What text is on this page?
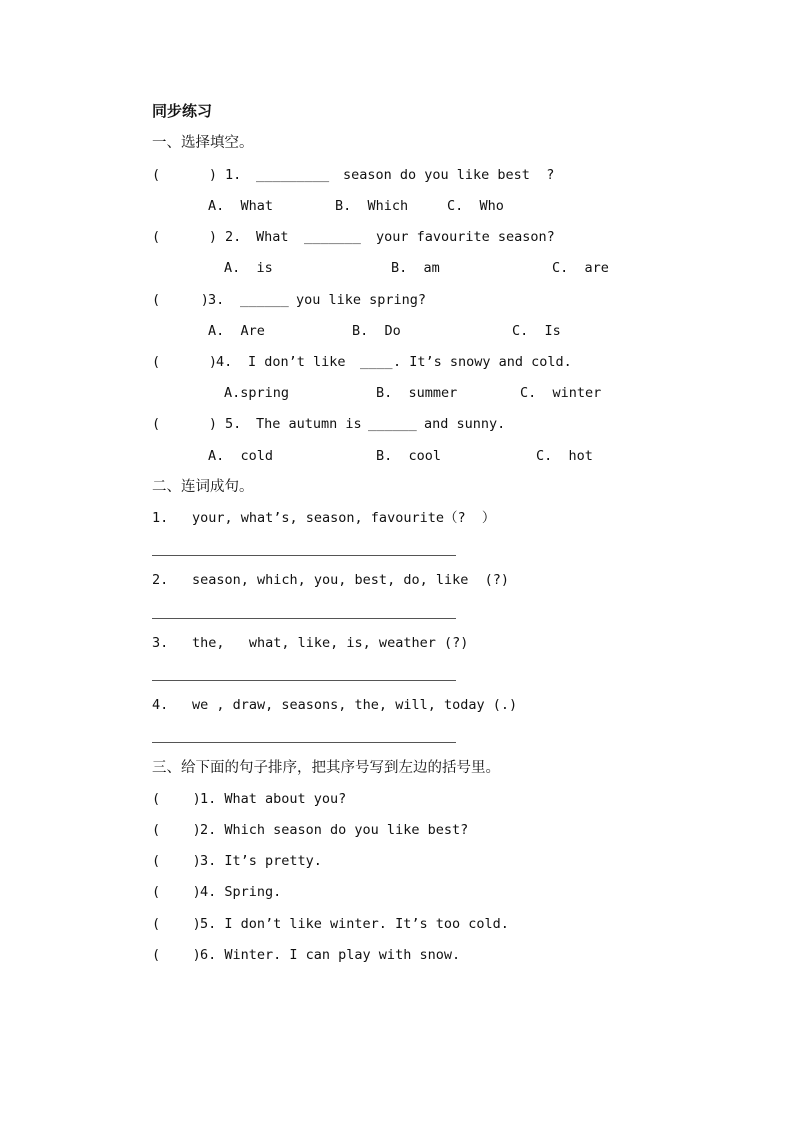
同步练习

一、选择填空。

(      )

1.

_________

season do you like best  ?

A.  What

	B.  Which

	C.  Who

(      )

2.

What

_______

your favourite season?

A.  is

	B.  am

	C.  are

(     )

3.

______

you like spring?

A.  Are

	B.  Do

	C.  Is

(      )

4.

I don’t like

____

. It’s snowy and cold.

A.spring

	B.  summer

	C.  winter

(      )

5.

The autumn is

______

and sunny.

A.  cold

	B.  cool

	C.  hot

二、连词成句。

1.

your, what’s, season, favourite（?  ）

2.

season, which, you, best, do, like  (?)

3.

the,   what, like, is, weather (?)

4.

we , draw, seasons, the, will, today (.)

三、给下面的句子排序，把其序号写到左边的括号里。

(    )

1. What about you?

(    )

2. Which season do you like best?

(    )

3. It’s pretty.

(    )

4. Spring.

(    )

5. I don’t like winter. It’s too cold.

(    )

6. Winter. I can play with snow.
